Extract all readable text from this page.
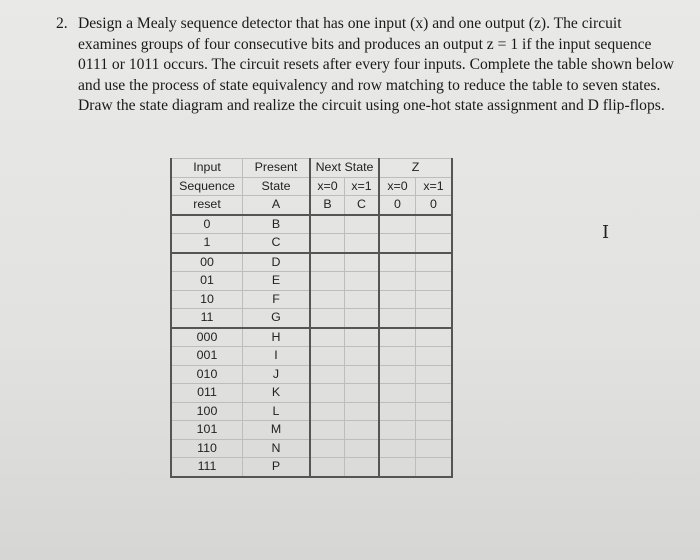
2. Design a Mealy sequence detector that has one input (x) and one output (z). The circuit examines groups of four consecutive bits and produces an output z = 1 if the input sequence 0111 or 1011 occurs. The circuit resets after every four inputs. Complete the table shown below and use the process of state equivalency and row matching to reduce the table to seven states. Draw the state diagram and realize the circuit using one-hot state assignment and D flip-flops.
Input	Present	Next State		Z	
Sequence	State	x=0	x=1	x=0	x=1
reset	A	B	C	0	0
0	B				
1	C				
00	D				
01	E				
10	F				
11	G				
000	H				
001	I				
010	J				
011	K				
100	L				
101	M				
110	N				
111	P				
I
